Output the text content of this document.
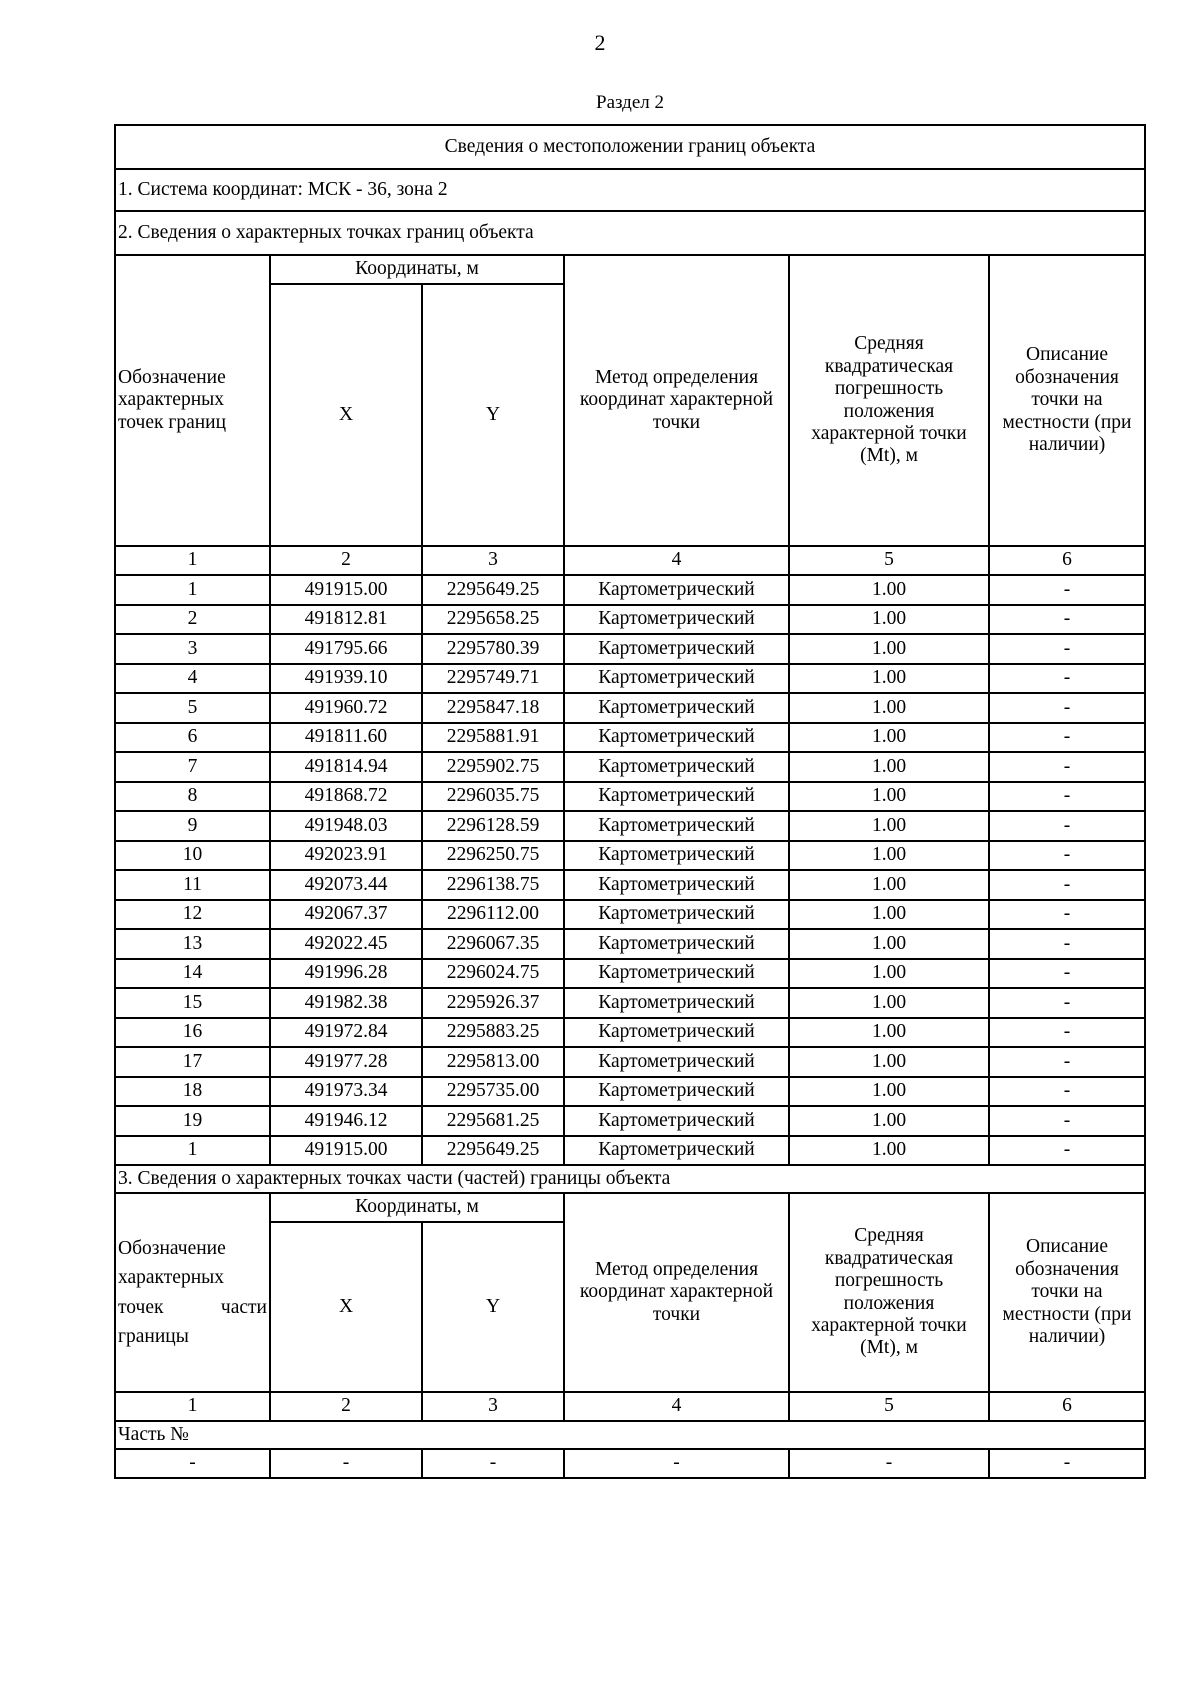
2
Раздел 2
Сведения о местоположении границ объекта					
1. Система координат: МСК - 36, зона 2					
2. Сведения о характерных точках границ объекта					
Обозначение характерных точек границ	Координаты, м		Метод определения координат характерной точки	Средняя квадратическая погрешность положения характерной точки (Mt), м	Описание обозначения точки на местности (при наличии)
	X	Y			
1	2	3	4	5	6
1	491915.00	2295649.25	Картометрический	1.00	-
2	491812.81	2295658.25	Картометрический	1.00	-
3	491795.66	2295780.39	Картометрический	1.00	-
4	491939.10	2295749.71	Картометрический	1.00	-
5	491960.72	2295847.18	Картометрический	1.00	-
6	491811.60	2295881.91	Картометрический	1.00	-
7	491814.94	2295902.75	Картометрический	1.00	-
8	491868.72	2296035.75	Картометрический	1.00	-
9	491948.03	2296128.59	Картометрический	1.00	-
10	492023.91	2296250.75	Картометрический	1.00	-
11	492073.44	2296138.75	Картометрический	1.00	-
12	492067.37	2296112.00	Картометрический	1.00	-
13	492022.45	2296067.35	Картометрический	1.00	-
14	491996.28	2296024.75	Картометрический	1.00	-
15	491982.38	2295926.37	Картометрический	1.00	-
16	491972.84	2295883.25	Картометрический	1.00	-
17	491977.28	2295813.00	Картометрический	1.00	-
18	491973.34	2295735.00	Картометрический	1.00	-
19	491946.12	2295681.25	Картометрический	1.00	-
1	491915.00	2295649.25	Картометрический	1.00	-
3. Сведения о характерных точках части (частей) границы объекта					

Обозначение
характерных
точек части
границы	Координаты, м		Метод определения координат характерной точки	Средняя квадратическая погрешность положения характерной точки (Mt), м	Описание обозначения точки на местности (при наличии)
	X	Y			
1	2	3	4	5	6
Часть №					
-	-	-	-	-	-
